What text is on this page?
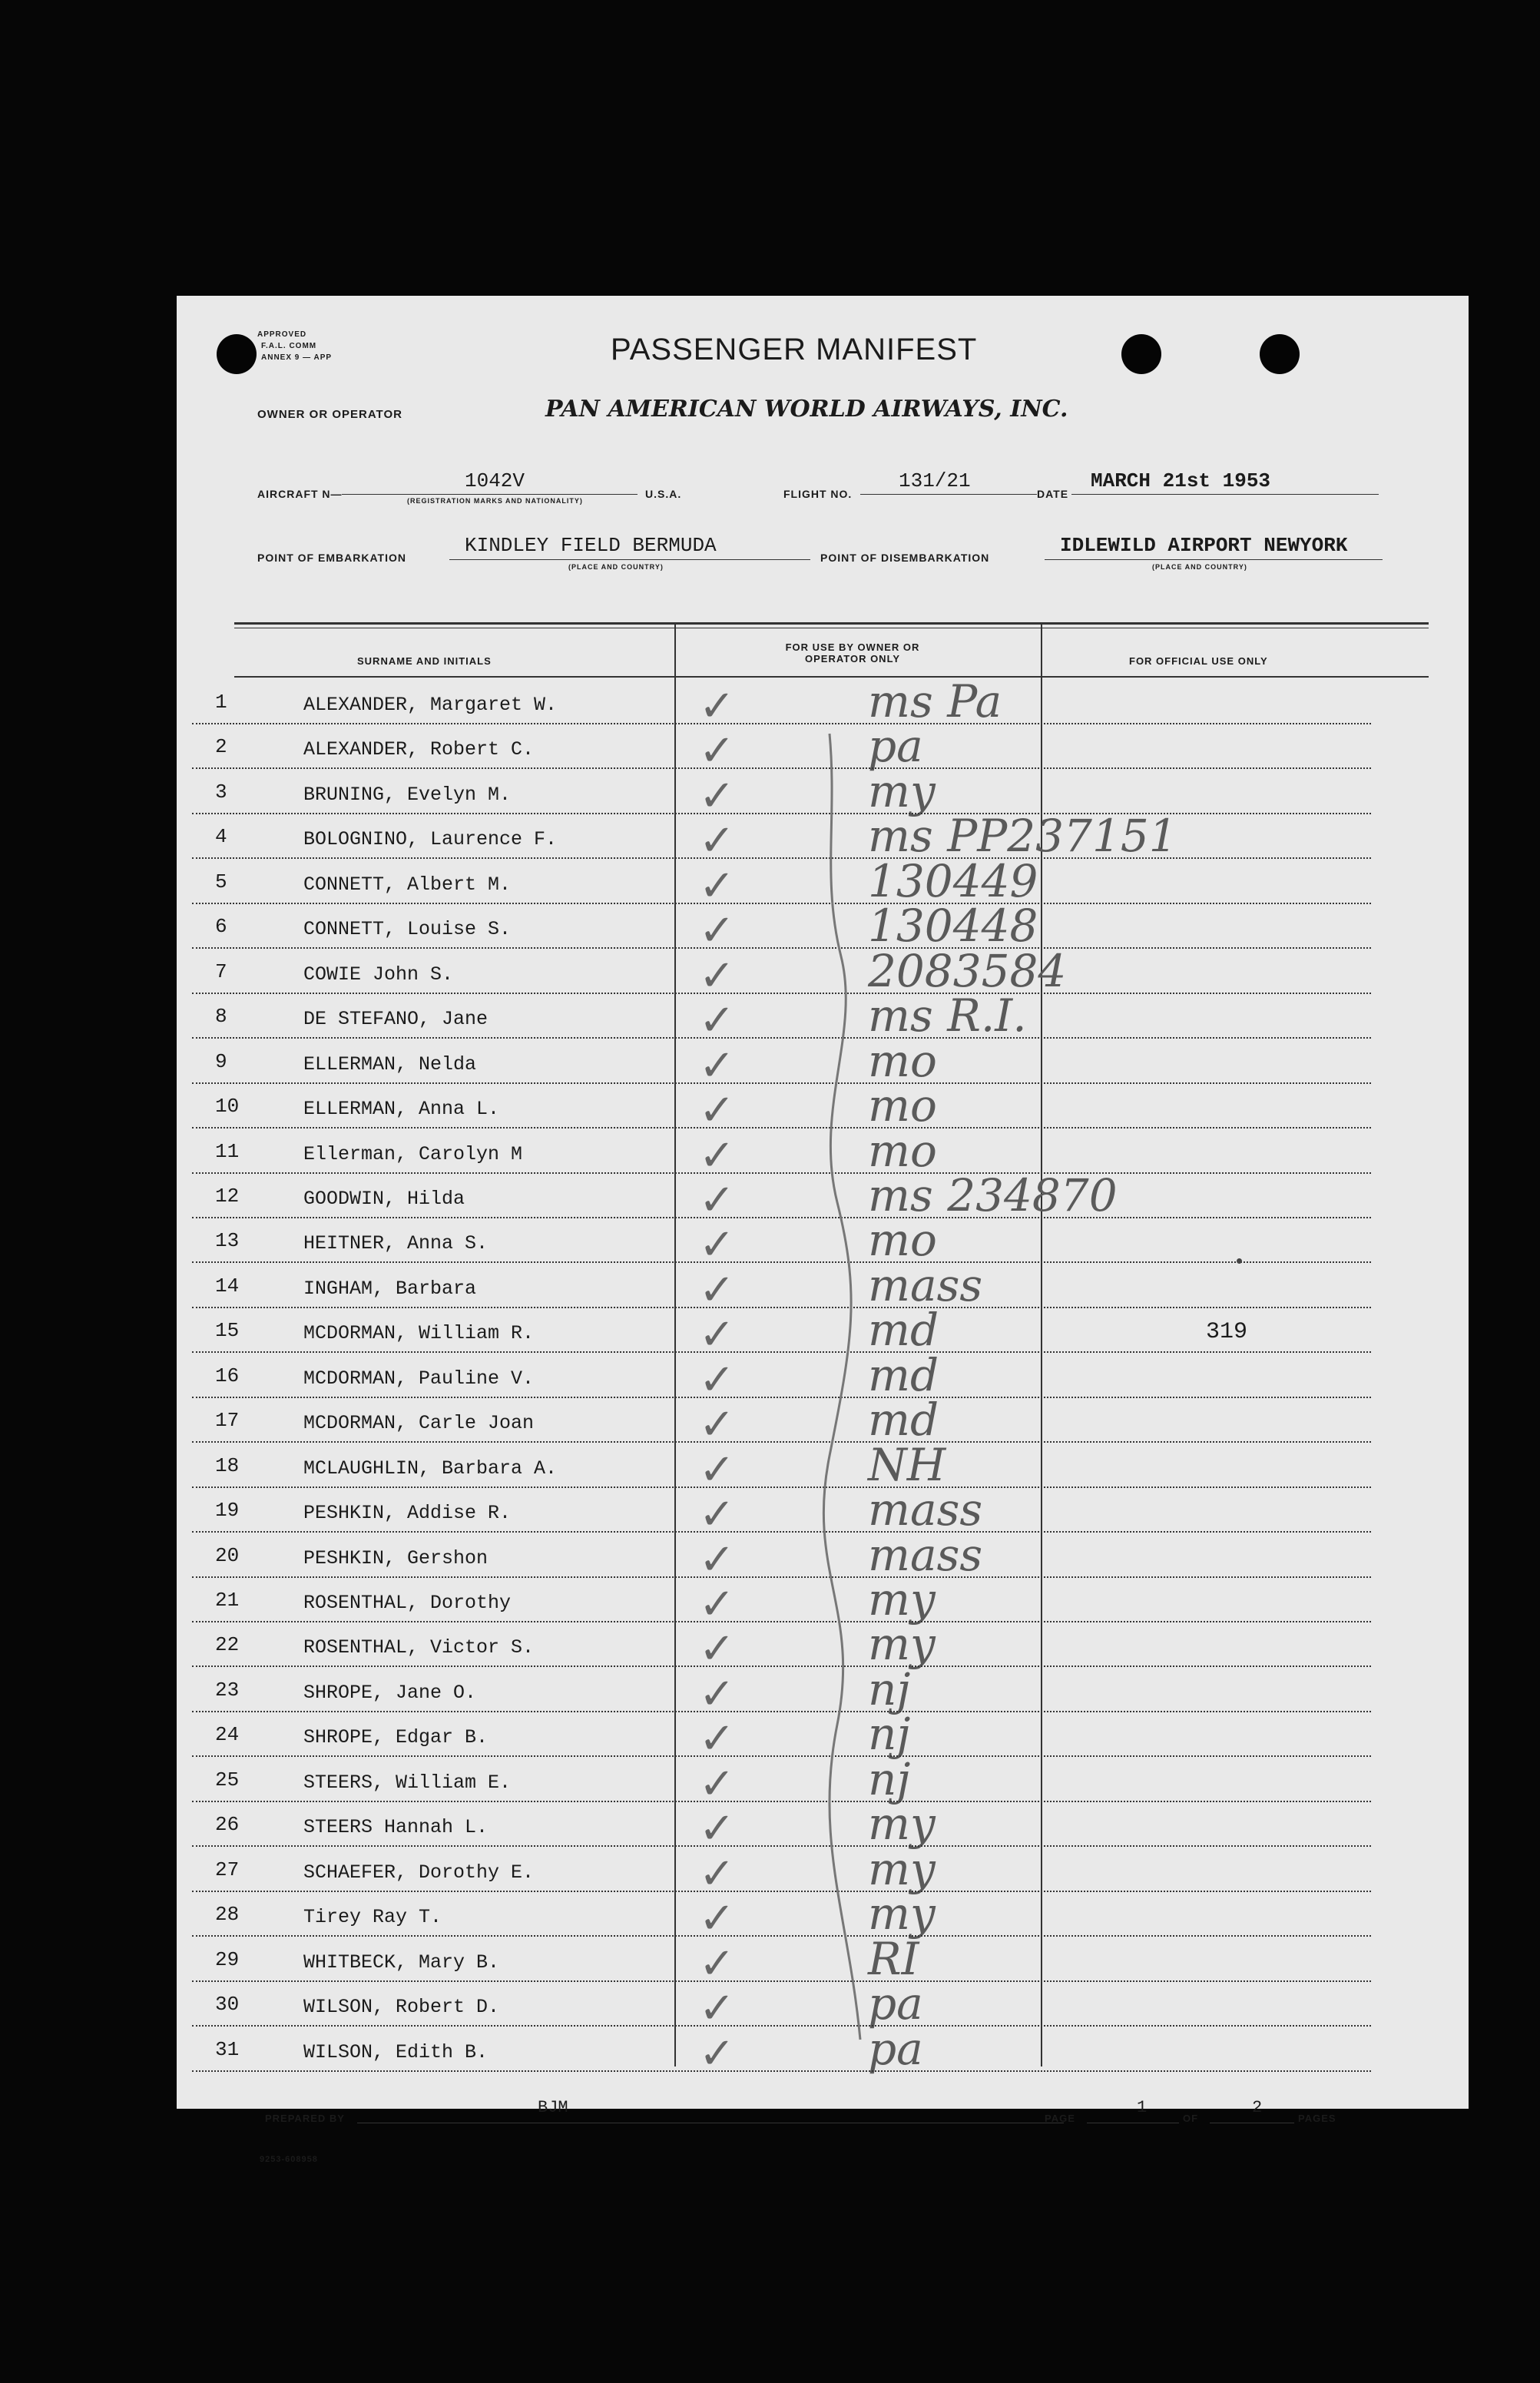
APPROVED
F.A.L. COMM
ANNEX 9 — APP	PASSENGER MANIFEST
OWNER OR OPERATOR	PAN AMERICAN WORLD AIRWAYS, INC.
AIRCRAFT N—
1042V
(REGISTRATION MARKS AND NATIONALITY)
U.S.A.	FLIGHT NO.
131/21
DATE
MARCH 21st 1953
POINT OF EMBARKATION
KINDLEY FIELD BERMUDA
(PLACE AND COUNTRY)
POINT OF DISEMBARKATION
IDLEWILD AIRPORT NEWYORK
(PLACE AND COUNTRY)
SURNAME AND INITIALS
FOR USE BY OWNER OR OPERATOR ONLY	FOR OFFICIAL USE ONLY
1	ALEXANDER, Margaret W.	✓	ms Pa
2	ALEXANDER, Robert C.	✓	pa
3	BRUNING, Evelyn M.	✓	my
4	BOLOGNINO, Laurence F.	✓	ms PP237151
5	CONNETT, Albert M.	✓	130449
6	CONNETT, Louise S.	✓	130448
7	COWIE John S.	✓	2083584
8	DE STEFANO, Jane	✓	ms R.I.
9	ELLERMAN, Nelda	✓	mo
10	ELLERMAN, Anna L.	✓	mo
11	Ellerman, Carolyn M	✓	mo
12	GOODWIN, Hilda	✓	ms 234870
13	HEITNER, Anna S.	✓	mo
14	INGHAM, Barbara	✓	mass
15	MCDORMAN, William R.	✓	md	319
16	MCDORMAN, Pauline V.	✓	md
17	MCDORMAN, Carle Joan	✓	md
18	MCLAUGHLIN, Barbara A.	✓	NH
19	PESHKIN, Addise R.	✓	mass
20	PESHKIN, Gershon	✓	mass
21	ROSENTHAL, Dorothy	✓	my
22	ROSENTHAL, Victor S.	✓	my
23	SHROPE, Jane O.	✓	nj
24	SHROPE, Edgar B.	✓	nj
25	STEERS, William E.	✓	nj
26	STEERS Hannah L.	✓	my
27	SCHAEFER, Dorothy E.	✓	my
28	Tirey Ray T.	✓	my
29	WHITBECK, Mary B.	✓	RI
30	WILSON, Robert D.	✓	pa
31	WILSON, Edith B.	✓	pa
PREPARED BY
BJM
PAGE
1
OF
2
PAGES
9253-608958
